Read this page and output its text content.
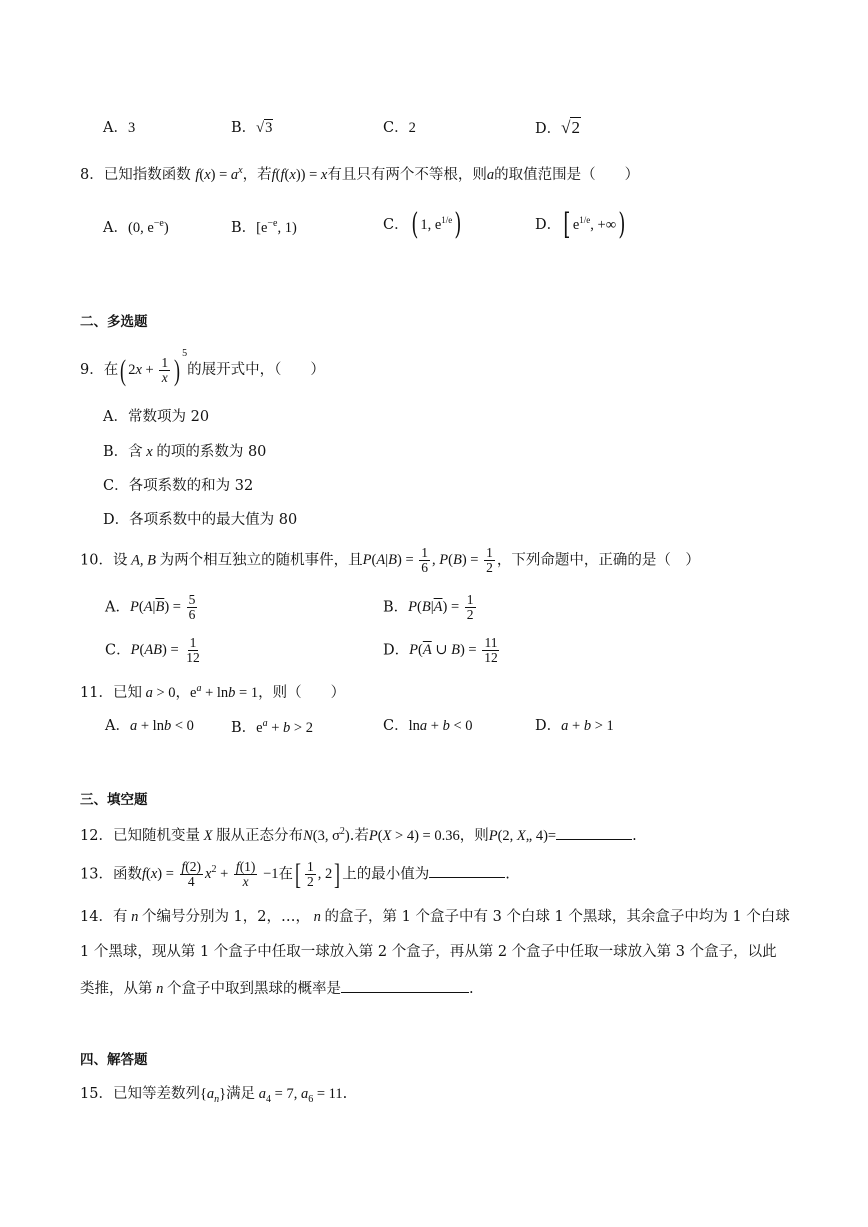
A．3	B．√3	C．2	D．√2
8．已知指数函数 $f(x) = a^x$，若f(f(x)) = x有且只有两个不等根，则a的取值范围是（　　）
A．(0, $e^{-e}$)	B．[$e^{-e}$, 1)	C．( 1, $e^{1/e}$)	D．[ $e^{1/e}$, +∞)
二、多选题
9．在( $2x + \frac{1}{x} )^5$的展开式中，（　　）
A．常数项为 20
B．含 x 的项的系数为 80
C．各项系数的和为 32
D．各项系数中的最大值为 80
10．设 A, B 为两个相互独立的随机事件，且$P(A|B) = \frac{1}{6}$ , $P(B) = \frac{1}{2}$ ，下列命题中，正确的是（　）
A．$P(A|\overline{B}) = \frac{5}{6}$	B．$P(B|\overline{A}) = \frac{1}{2}$
C．$P(AB) = \frac{1}{12}$	D．$P(\overline{A}$ ∪ $B) = \frac{11}{12}$
11．已知 a > 0，$e^a + \ln b = 1$，则（　　）
A．a + lnb < 0	B．$e^a + b > 2$	C．lna + b < 0	D．a + b > 1
三、填空题
12．已知随机变量 X 服从正态分布N(3, $\sigma^2$).若P(X > 4) = 0.36，则P(2, X„ 4)=	.
13．函数$f(x) = \frac{f(2)}{4} x^2 + \frac{f(1)}{x} -1$在[ $\frac{1}{2}$ , 2] 上的最小值为	.
14．有 n 个编号分别为 1，2，…， n 的盒子，第 1 个盒子中有 3 个白球 1 个黑球，其余盒子中均为 1 个白球
1 个黑球，现从第 1 个盒子中任取一球放入第 2 个盒子，再从第 2 个盒子中任取一球放入第 3 个盒子，以此
类推，从第 n 个盒子中取到黑球的概率是	.
四、解答题
15．已知等差数列$\{a_n\}$满足 $a_4 = 7$, $a_6 = 11$.
